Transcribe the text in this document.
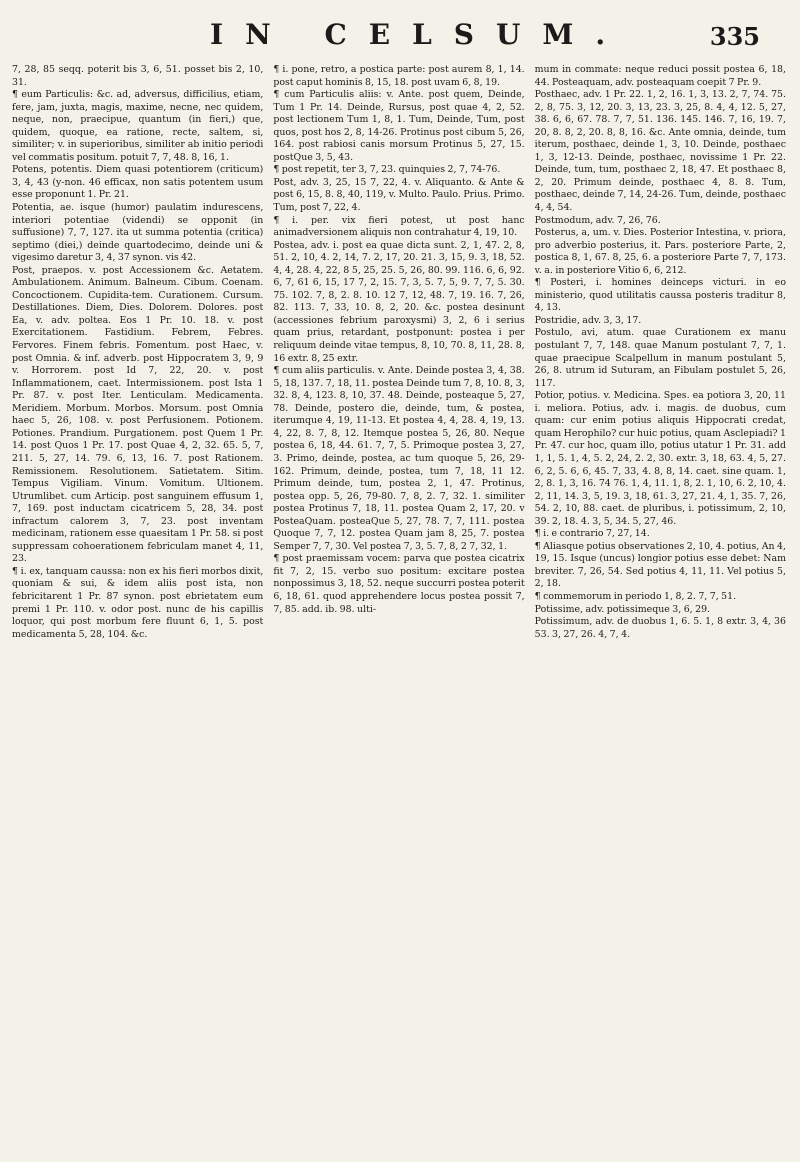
IN CELSUM.	335

7, 28, 85 seqq. poterit bis 3, 6, 51. posset bis 2, 10, 31.

¶ eum Particulis: &c. ad, adversus, difficilius, etiam, fere, jam, juxta, magis, maxime, necne, nec quidem, neque, non, praecipue, quantum (in fieri,) que, quidem, quoque, ea ratione, recte, saltem, si, similiter; v. in superioribus, similiter ab initio periodi vel commatis positum. potuit 7, 7, 48. 8, 16, 1.

Potens, potentis. Diem quasi potentiorem (criticum) 3, 4, 43 (y-non. 46 efficax, non satis potentem usum esse proponunt 1. Pr. 21.

Potentia, ae. isque (humor) paulatim indurescens, interiori potentiae (videndi) se opponit (in suffusione) 7, 7, 127. ita ut summa potentia (critica) septimo (diei,) deinde quartodecimo, deinde uni & vigesimo daretur 3, 4, 37 synon. vis 42.

Post, praepos. v. post Accessionem &c. Aetatem. Ambulationem. Animum. Balneum. Cibum. Coenam. Concoctionem. Cupidita-tem. Curationem. Cursum. Destillationes. Diem, Dies. Dolorem. Dolores. post Ea, v. adv. poltea. Eos 1 Pr. 10. 18. v. post Exercitationem. Fastidium. Febrem, Febres. Fervores. Finem febris. Fomentum. post Haec, v. post Omnia. & inf. adverb. post Hippocratem 3, 9, 9 v. Horrorem. post Id 7, 22, 20. v. post Inflammationem, caet. Intermissionem. post Ista 1 Pr. 87. v. post Iter. Lenticulam. Medicamenta. Meridiem. Morbum. Morbos. Morsum. post Omnia haec 5, 26, 108. v. post Perfusionem. Potionem. Potiones. Prandium. Purgationem. post Quem 1 Pr. 14. post Quos 1 Pr. 17. post Quae 4, 2, 32. 65. 5, 7, 211. 5, 27, 14. 79. 6, 13, 16. 7. post Rationem. Remissionem. Resolutionem. Satietatem. Sitim. Tempus Vigiliam. Vinum. Vomitum. Ultionem. Utrumlibet. cum Articip. post sanguinem effusum 1, 7, 169. post inductam cicatricem 5, 28, 34. post infractum calorem 3, 7, 23. post inventam medicinam, rationem esse quaesitam 1 Pr. 58. si post suppressam cohoerationem febriculam manet 4, 11, 23.

¶ i. ex, tanquam caussa: non ex his fieri morbos dixit, quoniam & sui, & idem aliis post ista, non febricitarent 1 Pr. 87 synon. post ebrietatem eum premi 1 Pr. 110. v. odor post. nunc de his capillis loquor, qui post morbum fere fluunt 6, 1, 5. post medicamenta 5, 28, 104. &c.

¶ i. pone, retro, a postica parte: post aurem 8, 1, 14. post caput hominis 8, 15, 18. post uvam 6, 8, 19.

¶ cum Particulis aliis: v. Ante. post quem, Deinde, Tum 1 Pr. 14. Deinde, Rursus, post quae 4, 2, 52. post lectionem Tum 1, 8, 1. Tum, Deinde, Tum, post quos, post hos 2, 8, 14-26. Protinus post cibum 5, 26, 164. post rabiosi canis morsum Protinus 5, 27, 15. postQue 3, 5, 43.

¶ post repetit, ter 3, 7, 23. quinquies 2, 7, 74-76.

Post, adv. 3, 25, 15 7, 22, 4. v. Aliquanto. & Ante & post 6, 15, 8. 8, 40, 119, v. Multo. Paulo. Prius. Primo. Tum, post 7, 22, 4.

¶ i. per. vix fieri potest, ut post hanc animadversionem aliquis non contrahatur 4, 19, 10.

Postea, adv. i. post ea quae dicta sunt. 2, 1, 47. 2, 8, 51. 2, 10, 4. 2, 14, 7. 2, 17, 20. 21. 3, 15, 9. 3, 18, 52. 4, 4, 28. 4, 22, 8 5, 25, 25. 5, 26, 80. 99. 116. 6, 6, 92. 6, 7, 61 6, 15, 17 7, 2, 15. 7, 3, 5. 7, 5, 9. 7, 7, 5. 30. 75. 102. 7, 8, 2. 8. 10. 12 7, 12, 48. 7, 19. 16. 7, 26, 82. 113. 7, 33, 10. 8, 2, 20. &c. postea desinunt (accessiones febrium paroxysmi) 3, 2, 6 i serius quam prius, retardant, postponunt: postea i per reliquum deinde vitae tempus, 8, 10, 70. 8, 11, 28. 8, 16 extr. 8, 25 extr.

¶ cum aliis particulis. v. Ante. Deinde postea 3, 4, 38. 5, 18, 137. 7, 18, 11. postea Deinde tum 7, 8, 10. 8, 3, 32. 8, 4, 123. 8, 10, 37. 48. Deinde, posteaque 5, 27, 78. Deinde, postero die, deinde, tum, & postea, iterumque 4, 19, 11-13. Et postea 4, 4, 28. 4, 19, 13. 4, 22, 8. 7, 8, 12. Itemque postea 5, 26, 80. Neque postea 6, 18, 44. 61. 7, 7, 5. Primoque postea 3, 27, 3. Primo, deinde, postea, ac tum quoque 5, 26, 29-162. Primum, deinde, postea, tum 7, 18, 11 12. Primum deinde, tum, postea 2, 1, 47. Protinus, postea opp. 5, 26, 79-80. 7, 8, 2. 7, 32. 1. similiter postea Protinus 7, 18, 11. postea Quam 2, 17, 20. v PosteaQuam. posteaQue 5, 27, 78. 7, 7, 111. postea Quoque 7, 7, 12. postea Quam jam 8, 25, 7. postea Semper 7, 7, 30. Vel postea 7, 3, 5. 7, 8, 2 7, 32, 1.

¶ post praemissam vocem: parva que postea cicatrix fit 7, 2, 15. verbo suo positum: excitare postea nonpossimus 3, 18, 52. neque succurri postea poterit 6, 18, 61. quod apprehendere locus postea possit 7, 7, 85. add. ib. 98. ulti-

mum in commate: neque reduci possit postea 6, 18, 44. Posteaquam, adv. posteaquam coepit 7 Pr. 9.

Posthaec, adv. 1 Pr. 22. 1, 2, 16. 1, 3, 13. 2, 7, 74. 75. 2, 8, 75. 3, 12, 20. 3, 13, 23. 3, 25, 8. 4, 4, 12. 5, 27, 38. 6, 6, 67. 78. 7, 7, 51. 136. 145. 146. 7, 16, 19. 7, 20, 8. 8, 2, 20. 8, 8, 16. &c. Ante omnia, deinde, tum iterum, posthaec, deinde 1, 3, 10. Deinde, posthaec 1, 3, 12-13. Deinde, posthaec, novissime 1 Pr. 22. Deinde, tum, tum, posthaec 2, 18, 47. Et posthaec 8, 2, 20. Primum deinde, posthaec 4, 8. 8. Tum, posthaec, deinde 7, 14, 24-26. Tum, deinde, posthaec 4, 4, 54.

Postmodum, adv. 7, 26, 76.

Posterus, a, um. v. Dies. Posterior Intestina, v. priora, pro adverbio posterius, it. Pars. posteriore Parte, 2, postica 8, 1, 67. 8, 25, 6. a posteriore Parte 7, 7, 173. v. a. in posteriore Vitio 6, 6, 212.

¶ Posteri, i. homines deinceps victuri. in eo ministerio, quod utilitatis caussa posteris traditur 8, 4, 13.

Postridie, adv. 3, 3, 17.

Postulo, avi, atum. quae Curationem ex manu postulant 7, 7, 148. quae Manum postulant 7, 7, 1. quae praecipue Scalpellum in manum postulant 5, 26, 8. utrum id Suturam, an Fibulam postulet 5, 26, 117.

Potior, potius. v. Medicina. Spes. ea potiora 3, 20, 11 i. meliora. Potius, adv. i. magis. de duobus, cum quam: cur enim potius aliquis Hippocrati credat, quam Herophilo? cur huic potius, quam Asclepiadi? 1 Pr. 47. cur hoc, quam illo, potius utatur 1 Pr. 31. add 1, 1, 5. 1, 4, 5. 2, 24, 2. 2, 30. extr. 3, 18, 63. 4, 5, 27. 6, 2, 5. 6, 6, 45. 7, 33, 4. 8, 8, 14. caet. sine quam. 1, 2, 8. 1, 3, 16. 74 76. 1, 4, 11. 1, 8, 2. 1, 10, 6. 2, 10, 4. 2, 11, 14. 3, 5, 19. 3, 18, 61. 3, 27, 21. 4, 1, 35. 7, 26, 54. 2, 10, 88. caet. de pluribus, i. potissimum, 2, 10, 39. 2, 18. 4. 3, 5, 34. 5, 27, 46.

¶ i. e contrario 7, 27, 14.

¶ Aliasque potius observationes 2, 10, 4. potius, An 4, 19, 15. Isque (uncus) longior potius esse debet: Nam breviter. 7, 26, 54. Sed potius 4, 11, 11. Vel potius 5, 2, 18.

¶ commemorum in periodo 1, 8, 2. 7, 7, 51.

Potissime, adv. potissimeque 3, 6, 29.

Potissimum, adv. de duobus 1, 6. 5. 1, 8 extr. 3, 4, 36 53. 3, 27, 26. 4, 7, 4.
